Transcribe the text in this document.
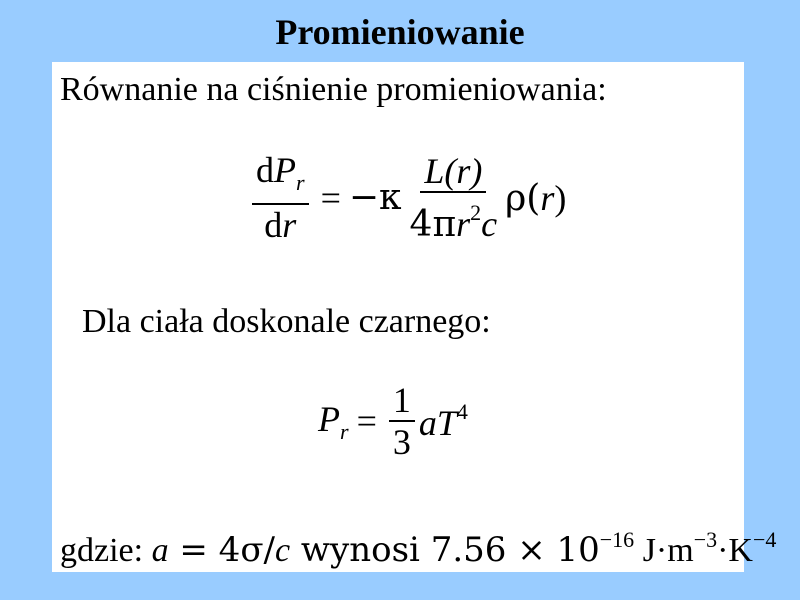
Promieniowanie
Równanie na ciśnienie promieniowania:
$\frac{dP_r}{dr} = -\kappa \frac{L(r)}{4\pi r^2c} \rho(r)$
Dla ciała doskonale czarnego:
$P_r = \frac{1}{3} aT^4$
gdzie: a = 4σ/c wynosi $7.56 \times 10^{-16}$ $J\cdot m^{-3}\cdot K^{-4}$
